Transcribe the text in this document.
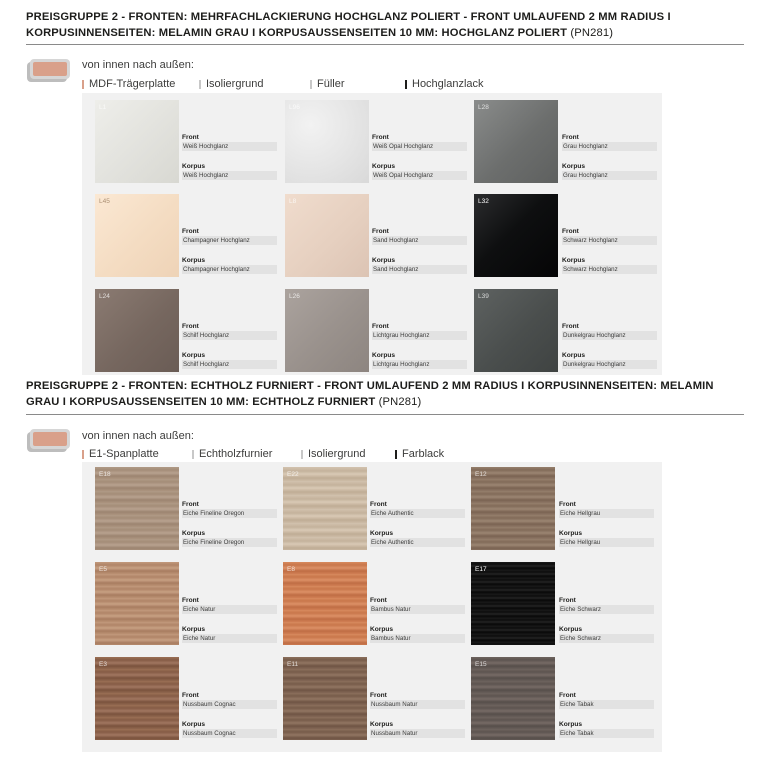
PREISGRUPPE 2 - FRONTEN: MEHRFACHLACKIERUNG HOCHGLANZ POLIERT - FRONT UMLAUFEND 2 MM RADIUS I KORPUSINNENSEITEN: MELAMIN GRAU I KORPUSAUSSENSEITEN 10 MM: HOCHGLANZ POLIERT (PN281)
von innen nach außen:
MDF-Trägerplatte	Isoliergrund	Füller	Hochglanzlack
L1
Front
Weiß Hochglanz
Korpus
Weiß Hochglanz
L96
Front
Weiß Opal Hochglanz
Korpus
Weiß Opal Hochglanz
L28
Front
Grau Hochglanz
Korpus
Grau Hochglanz
L45
Front
Champagner Hochglanz
Korpus
Champagner Hochglanz
L8
Front
Sand Hochglanz
Korpus
Sand Hochglanz
L32
Front
Schwarz Hochglanz
Korpus
Schwarz Hochglanz
L24
Front
Schilf Hochglanz
Korpus
Schilf Hochglanz
L26
Front
Lichtgrau Hochglanz
Korpus
Lichtgrau Hochglanz
L39
Front
Dunkelgrau Hochglanz
Korpus
Dunkelgrau Hochglanz
PREISGRUPPE 2 - FRONTEN: ECHTHOLZ FURNIERT - FRONT UMLAUFEND 2 MM RADIUS I KORPUSINNENSEITEN: MELAMIN GRAU I KORPUSAUSSENSEITEN 10 MM: ECHTHOLZ FURNIERT (PN281)
von innen nach außen:
E1-Spanplatte	Echtholzfurnier	Isoliergrund	Farblack
E18
Front
Eiche Fineline Oregon
Korpus
Eiche Fineline Oregon
E22
Front
Eiche Authentic
Korpus
Eiche Authentic
E12
Front
Eiche Hellgrau
Korpus
Eiche Hellgrau
E5
Front
Eiche Natur
Korpus
Eiche Natur
E8
Front
Bambus Natur
Korpus
Bambus Natur
E17
Front
Eiche Schwarz
Korpus
Eiche Schwarz
E3
Front
Nussbaum Cognac
Korpus
Nussbaum Cognac
E11
Front
Nussbaum Natur
Korpus
Nussbaum Natur
E15
Front
Eiche Tabak
Korpus
Eiche Tabak
